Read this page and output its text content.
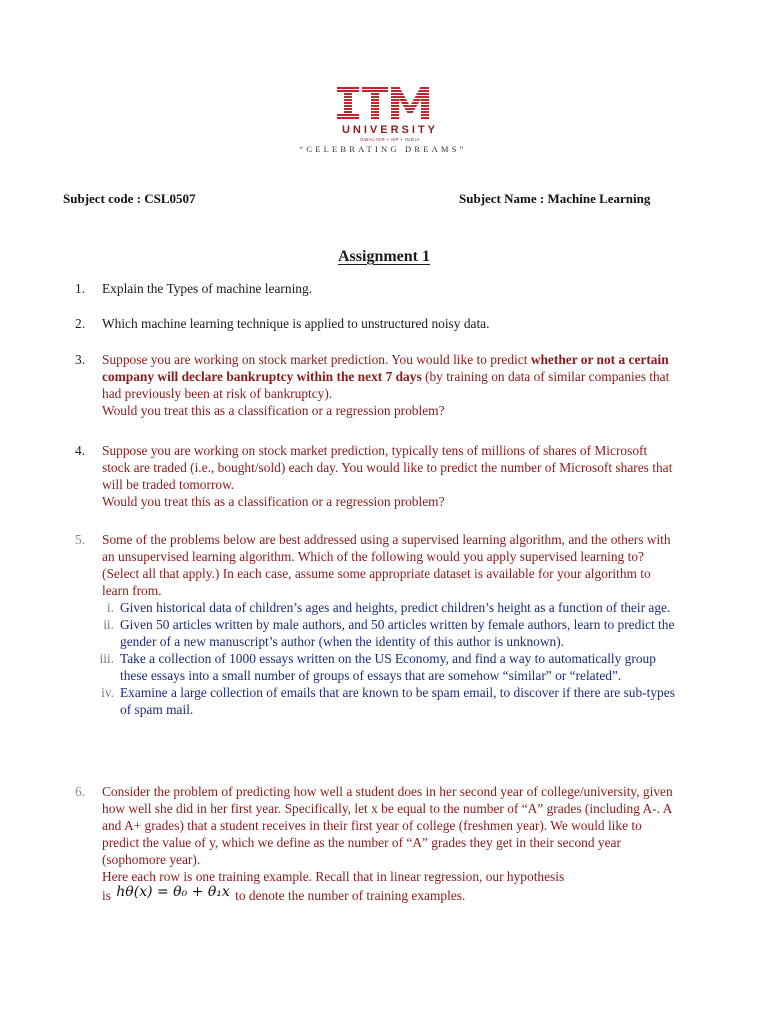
UNIVERSITY
GWALIOR • MP • INDIA
“CELEBRATING DREAMS”
Subject code : CSL0507	Subject Name : Machine Learning
Assignment 1
1.	Explain the Types of machine learning.

2.	Which machine learning technique is applied to unstructured noisy data.

3.	Suppose you are working on stock market prediction. You would like to predict whether or not a certain company will declare bankruptcy within the next 7 days (by training on data of similar companies that had previously been at risk of bankruptcy).

Would you treat this as a classification or a regression problem?

4.	Suppose you are working on stock market prediction, typically tens of millions of shares of Microsoft stock are traded (i.e., bought/sold) each day. You would like to predict the number of Microsoft shares that will be traded tomorrow.

Would you treat this as a classification or a regression problem?

5.	Some of the problems below are best addressed using a supervised learning algorithm, and the others with an unsupervised learning algorithm. Which of the following would you apply supervised learning to? (Select all that apply.) In each case, assume some appropriate dataset is available for your algorithm to learn from.

i. Given historical data of children’s ages and heights, predict children’s height as a function of their age.
ii. Given 50 articles written by male authors, and 50 articles written by female authors, learn to predict the gender of a new manuscript’s author (when the identity of this author is unknown).
iii. Take a collection of 1000 essays written on the US Economy, and find a way to automatically group these essays into a small number of groups of essays that are somehow “similar” or “related”.
iv. Examine a large collection of emails that are known to be spam email, to discover if there are sub-types of spam mail.
6.	Consider the problem of predicting how well a student does in her second year of college/university, given how well she did in her first year. Specifically, let x be equal to the number of “A” grades (including A-. A and A+ grades) that a student receives in their first year of college (freshmen year). We would like to predict the value of y, which we define as the number of “A” grades they get in their second year (sophomore year).

Here each row is one training example. Recall that in linear regression, our hypothesis

is hθ(x) = θ₀ + θ₁x to denote the number of training examples.
